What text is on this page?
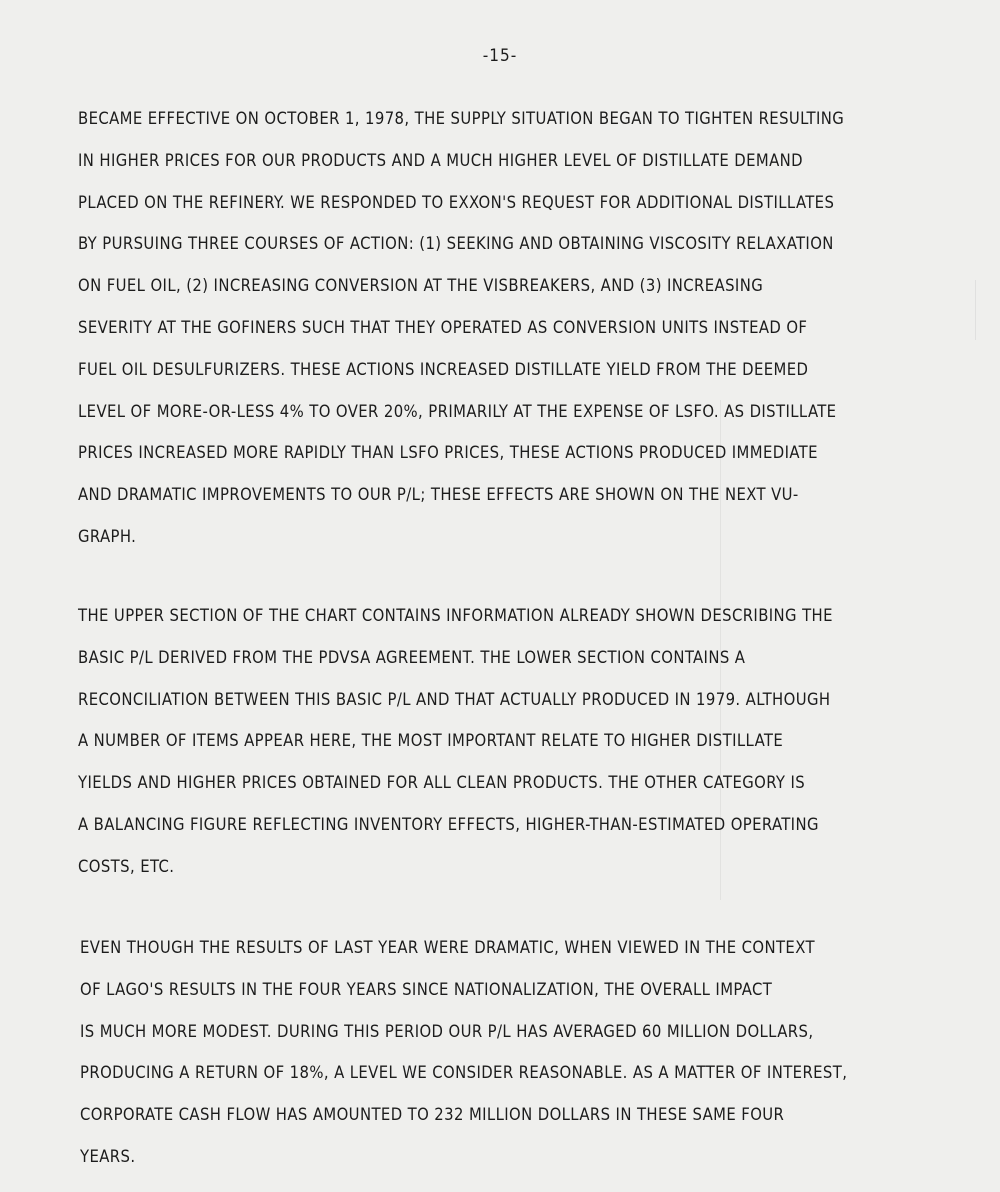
-15-
BECAME EFFECTIVE ON OCTOBER 1, 1978, THE SUPPLY SITUATION BEGAN TO TIGHTEN RESULTING
IN HIGHER PRICES FOR OUR PRODUCTS AND A MUCH HIGHER LEVEL OF DISTILLATE DEMAND
PLACED ON THE REFINERY. WE RESPONDED TO EXXON'S REQUEST FOR ADDITIONAL DISTILLATES
BY PURSUING THREE COURSES OF ACTION: (1) SEEKING AND OBTAINING VISCOSITY RELAXATION
ON FUEL OIL, (2) INCREASING CONVERSION AT THE VISBREAKERS, AND (3) INCREASING
SEVERITY AT THE GOFINERS SUCH THAT THEY OPERATED AS CONVERSION UNITS INSTEAD OF
FUEL OIL DESULFURIZERS. THESE ACTIONS INCREASED DISTILLATE YIELD FROM THE DEEMED
LEVEL OF MORE-OR-LESS 4% TO OVER 20%, PRIMARILY AT THE EXPENSE OF LSFO. AS DISTILLATE
PRICES INCREASED MORE RAPIDLY THAN LSFO PRICES, THESE ACTIONS PRODUCED IMMEDIATE
AND DRAMATIC IMPROVEMENTS TO OUR P/L; THESE EFFECTS ARE SHOWN ON THE NEXT VU-
GRAPH.
THE UPPER SECTION OF THE CHART CONTAINS INFORMATION ALREADY SHOWN DESCRIBING THE
BASIC P/L DERIVED FROM THE PDVSA AGREEMENT. THE LOWER SECTION CONTAINS A
RECONCILIATION BETWEEN THIS BASIC P/L AND THAT ACTUALLY PRODUCED IN 1979. ALTHOUGH
A NUMBER OF ITEMS APPEAR HERE, THE MOST IMPORTANT RELATE TO HIGHER DISTILLATE
YIELDS AND HIGHER PRICES OBTAINED FOR ALL CLEAN PRODUCTS. THE OTHER CATEGORY IS
A BALANCING FIGURE REFLECTING INVENTORY EFFECTS, HIGHER-THAN-ESTIMATED OPERATING
COSTS, ETC.
EVEN THOUGH THE RESULTS OF LAST YEAR WERE DRAMATIC, WHEN VIEWED IN THE CONTEXT
OF LAGO'S RESULTS IN THE FOUR YEARS SINCE NATIONALIZATION, THE OVERALL IMPACT
IS MUCH MORE MODEST. DURING THIS PERIOD OUR P/L HAS AVERAGED 60 MILLION DOLLARS,
PRODUCING A RETURN OF 18%, A LEVEL WE CONSIDER REASONABLE. AS A MATTER OF INTEREST,
CORPORATE CASH FLOW HAS AMOUNTED TO 232 MILLION DOLLARS IN THESE SAME FOUR
YEARS.
